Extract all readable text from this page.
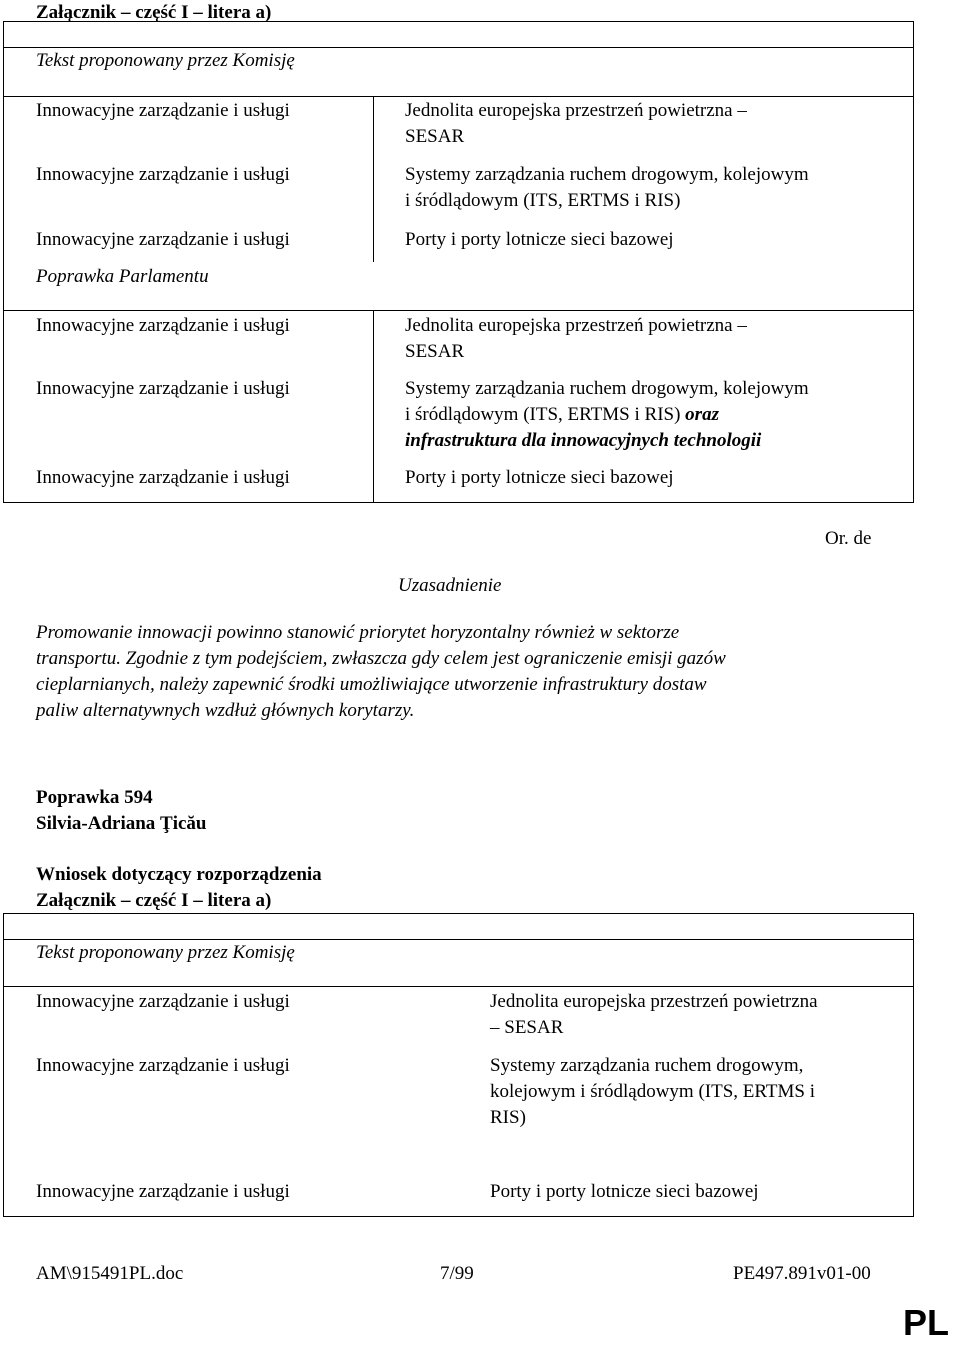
Załącznik – część I – litera a)
Tekst proponowany przez Komisję
Innowacyjne zarządzanie i usługi	Jednolita europejska przestrzeń powietrzna –
SESAR
Innowacyjne zarządzanie i usługi	Systemy zarządzania ruchem drogowym, kolejowym
i śródlądowym (ITS, ERTMS i RIS)
Innowacyjne zarządzanie i usługi	Porty i porty lotnicze sieci bazowej
Poprawka Parlamentu
Innowacyjne zarządzanie i usługi	Jednolita europejska przestrzeń powietrzna –
SESAR
Innowacyjne zarządzanie i usługi	Systemy zarządzania ruchem drogowym, kolejowym
i śródlądowym (ITS, ERTMS i RIS) oraz
infrastruktura dla innowacyjnych technologii
Innowacyjne zarządzanie i usługi	Porty i porty lotnicze sieci bazowej
Or. de
Uzasadnienie
Promowanie innowacji powinno stanowić priorytet horyzontalny również w sektorze
transportu. Zgodnie z tym podejściem, zwłaszcza gdy celem jest ograniczenie emisji gazów
cieplarnianych, należy zapewnić środki umożliwiające utworzenie infrastruktury dostaw
paliw alternatywnych wzdłuż głównych korytarzy.
Poprawka 594
Silvia-Adriana Ţicău
Wniosek dotyczący rozporządzenia
Załącznik – część I – litera a)
Tekst proponowany przez Komisję
Innowacyjne zarządzanie i usługi	Jednolita europejska przestrzeń powietrzna
– SESAR
Innowacyjne zarządzanie i usługi	Systemy zarządzania ruchem drogowym,
kolejowym i śródlądowym (ITS, ERTMS i
RIS)
Innowacyjne zarządzanie i usługi	Porty i porty lotnicze sieci bazowej
AM\915491PL.doc	7/99	PE497.891v01-00
PL
